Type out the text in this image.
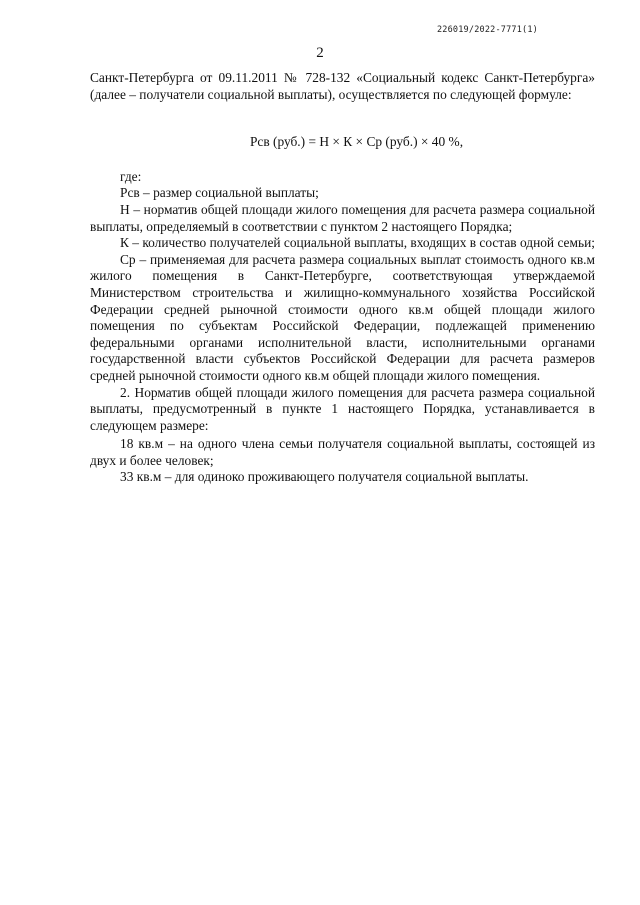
226019/2022-7771(1)
2

Санкт-Петербурга от 09.11.2011 № 728-132 «Социальный кодекс Санкт-Петербурга» (далее – получатели социальной выплаты), осуществляется по следующей формуле:

Рсв (руб.) = Н × К × Ср (руб.) × 40 %,

где:

Рсв – размер социальной выплаты;

Н – норматив общей площади жилого помещения для расчета размера социальной выплаты, определяемый в соответствии с пунктом 2 настоящего Порядка;

К – количество получателей социальной выплаты, входящих в состав одной семьи;

Ср – применяемая для расчета размера социальных выплат стоимость одного кв.м жилого помещения в Санкт-Петербурге, соответствующая утверждаемой Министерством строительства и жилищно-коммунального хозяйства Российской Федерации средней рыночной стоимости одного кв.м общей площади жилого помещения по субъектам Российской Федерации, подлежащей применению федеральными органами исполнительной власти, исполнительными органами государственной власти субъектов Российской Федерации для расчета размеров средней рыночной стоимости одного кв.м общей площади жилого помещения.

2. Норматив общей площади жилого помещения для расчета размера социальной выплаты, предусмотренный в пункте 1 настоящего Порядка, устанавливается в следующем размере:

18 кв.м – на одного члена семьи получателя социальной выплаты, состоящей из двух и более человек;

33 кв.м – для одиноко проживающего получателя социальной выплаты.
